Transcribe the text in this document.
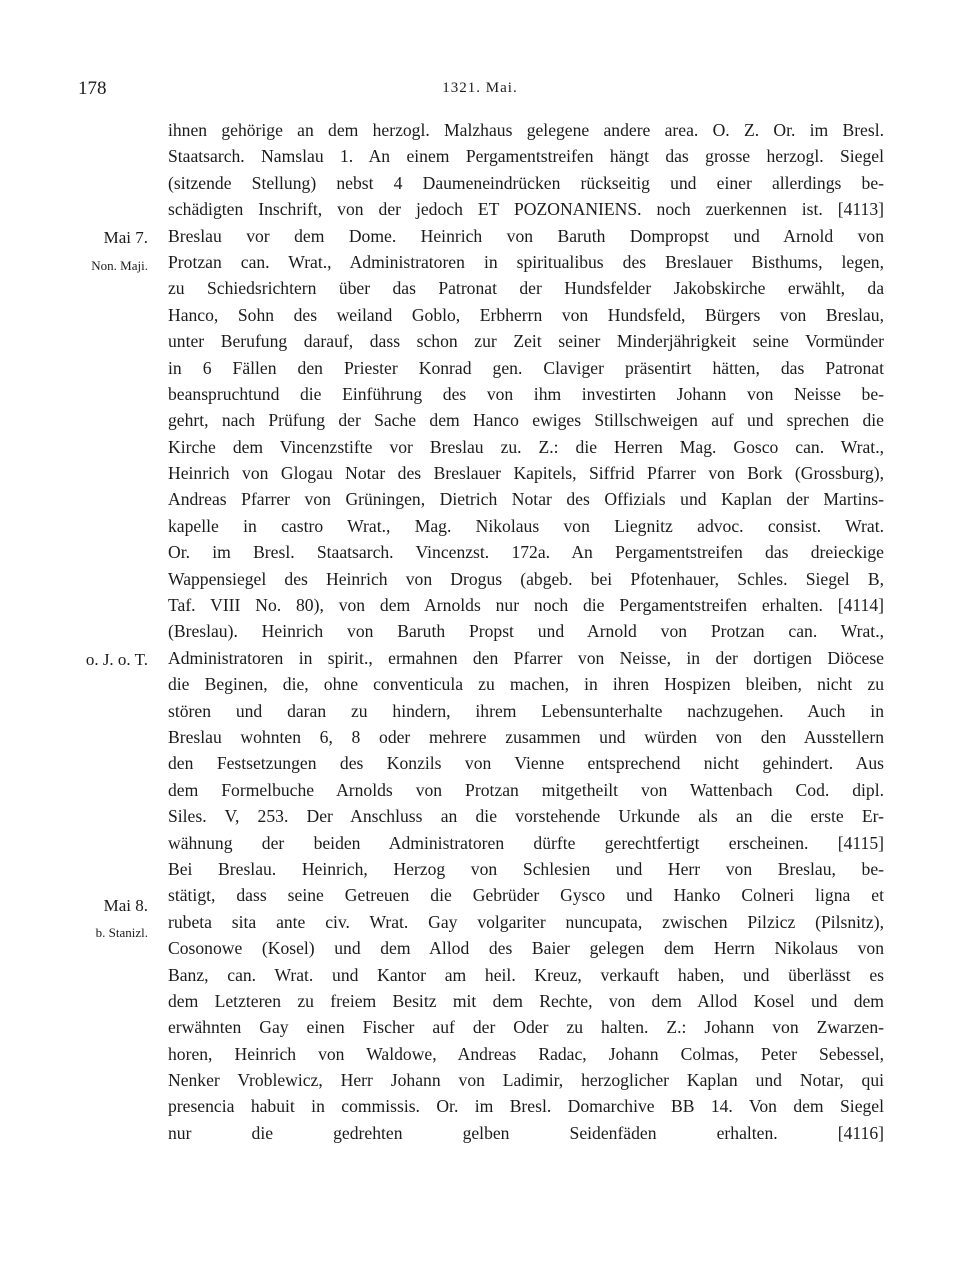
178	1321. Mai.
Mai 7.
Non. Maji.
o. J. o. T.
Mai 8.
b. Stanizl.
ihnen gehörige an dem herzogl. Malzhaus gelegene andere area. O. Z. Or. im Bresl.
Staatsarch. Namslau 1. An einem Pergamentstreifen hängt das grosse herzogl. Siegel
(sitzende Stellung) nebst 4 Daumeneindrücken rückseitig und einer allerdings be-
schädigten Inschrift, von der jedoch ET POZONANIENS. noch zuerkennen ist. [4113]
Breslau vor dem Dome. Heinrich von Baruth Dompropst und Arnold von
Protzan can. Wrat., Administratoren in spiritualibus des Breslauer Bisthums, legen,
zu Schiedsrichtern über das Patronat der Hundsfelder Jakobskirche erwählt, da
Hanco, Sohn des weiland Goblo, Erbherrn von Hundsfeld, Bürgers von Breslau,
unter Berufung darauf, dass schon zur Zeit seiner Minderjährigkeit seine Vormünder
in 6 Fällen den Priester Konrad gen. Claviger präsentirt hätten, das Patronat
beanspruchtund die Einführung des von ihm investirten Johann von Neisse be-
gehrt, nach Prüfung der Sache dem Hanco ewiges Stillschweigen auf und sprechen die
Kirche dem Vincenzstifte vor Breslau zu. Z.: die Herren Mag. Gosco can. Wrat.,
Heinrich von Glogau Notar des Breslauer Kapitels, Siffrid Pfarrer von Bork (Grossburg),
Andreas Pfarrer von Grüningen, Dietrich Notar des Offizials und Kaplan der Martins-
kapelle in castro Wrat., Mag. Nikolaus von Liegnitz advoc. consist. Wrat.
Or. im Bresl. Staatsarch. Vincenzst. 172a. An Pergamentstreifen das dreieckige
Wappensiegel des Heinrich von Drogus (abgeb. bei Pfotenhauer, Schles. Siegel B,
Taf. VIII No. 80), von dem Arnolds nur noch die Pergamentstreifen erhalten. [4114]
(Breslau). Heinrich von Baruth Propst und Arnold von Protzan can. Wrat.,
Administratoren in spirit., ermahnen den Pfarrer von Neisse, in der dortigen Diöcese
die Beginen, die, ohne conventicula zu machen, in ihren Hospizen bleiben, nicht zu
stören und daran zu hindern, ihrem Lebensunterhalte nachzugehen. Auch in
Breslau wohnten 6, 8 oder mehrere zusammen und würden von den Ausstellern
den Festsetzungen des Konzils von Vienne entsprechend nicht gehindert. Aus
dem Formelbuche Arnolds von Protzan mitgetheilt von Wattenbach Cod. dipl.
Siles. V, 253. Der Anschluss an die vorstehende Urkunde als an die erste Er-
wähnung der beiden Administratoren dürfte gerechtfertigt erscheinen. [4115]
Bei Breslau. Heinrich, Herzog von Schlesien und Herr von Breslau, be-
stätigt, dass seine Getreuen die Gebrüder Gysco und Hanko Colneri ligna et
rubeta sita ante civ. Wrat. Gay volgariter nuncupata, zwischen Pilzicz (Pilsnitz),
Cosonowe (Kosel) und dem Allod des Baier gelegen dem Herrn Nikolaus von
Banz, can. Wrat. und Kantor am heil. Kreuz, verkauft haben, und überlässt es
dem Letzteren zu freiem Besitz mit dem Rechte, von dem Allod Kosel und dem
erwähnten Gay einen Fischer auf der Oder zu halten. Z.: Johann von Zwarzen-
horen, Heinrich von Waldowe, Andreas Radac, Johann Colmas, Peter Sebessel,
Nenker Vroblewicz, Herr Johann von Ladimir, herzoglicher Kaplan und Notar, qui
presencia habuit in commissis. Or. im Bresl. Domarchive BB 14. Von dem Siegel
nur die gedrehten gelben Seidenfäden erhalten. [4116]
